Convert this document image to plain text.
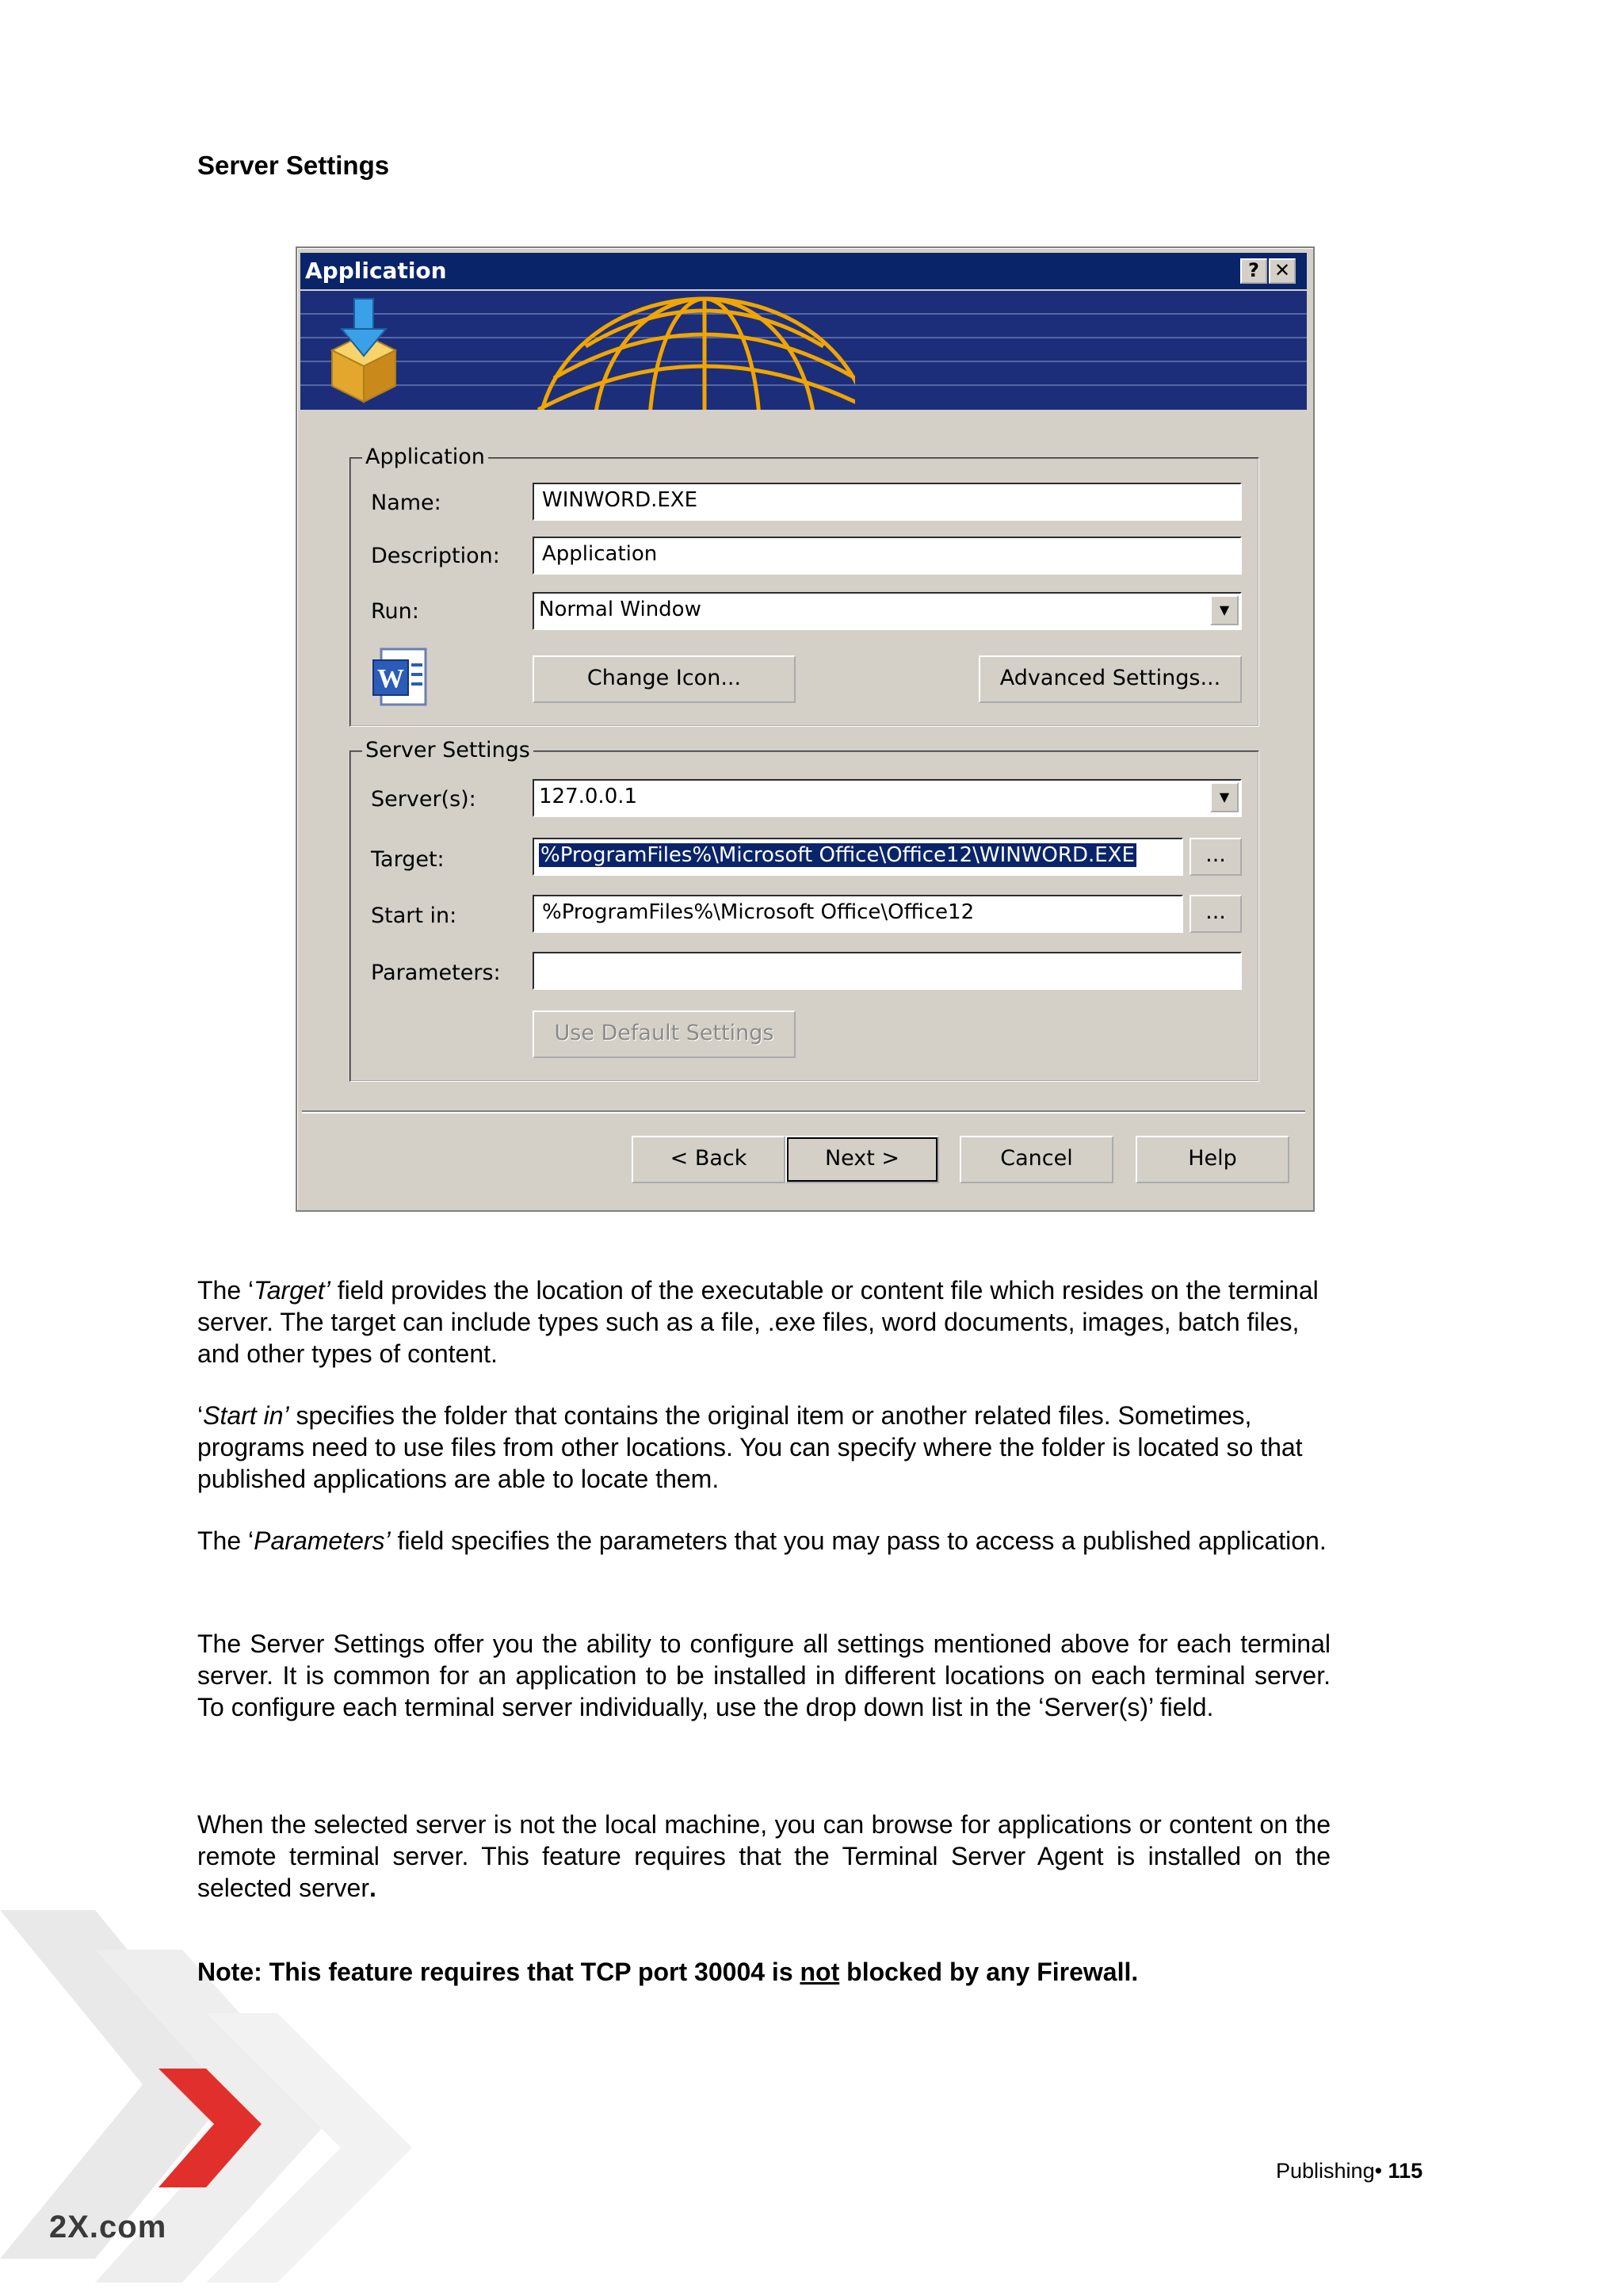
2X.com
Server Settings
Application	? ✕
Application
Name:	WINWORD.EXE
Description:	Application
Run:	Normal Window	▼
W	Change Icon...	Advanced Settings...
Server Settings
Server(s):	127.0.0.1	▼
Target:	%ProgramFiles%\Microsoft Office\Office12\WINWORD.EXE	...
Start in:	%ProgramFiles%\Microsoft Office\Office12	...
Parameters:
Use Default Settings
< Back	Next >	Cancel	Help
The ‘Target’ field provides the location of the executable or content file which resides on the terminal server. The target can include types such as a file, .exe files, word documents, images, batch files, and other types of content.
‘Start in’ specifies the folder that contains the original item or another related files. Sometimes, programs need to use files from other locations. You can specify where the folder is located so that published applications are able to locate them.
The ‘Parameters’ field specifies the parameters that you may pass to access a published application.
The Server Settings offer you the ability to configure all settings mentioned above for each terminal server. It is common for an application to be installed in different locations on each terminal server. To configure each terminal server individually, use the drop down list in the ‘Server(s)’ field.
When the selected server is not the local machine, you can browse for applications or content on the remote terminal server. This feature requires that the Terminal Server Agent is installed on the selected server.
Note: This feature requires that TCP port 30004 is not blocked by any Firewall.
Publishing• 115
